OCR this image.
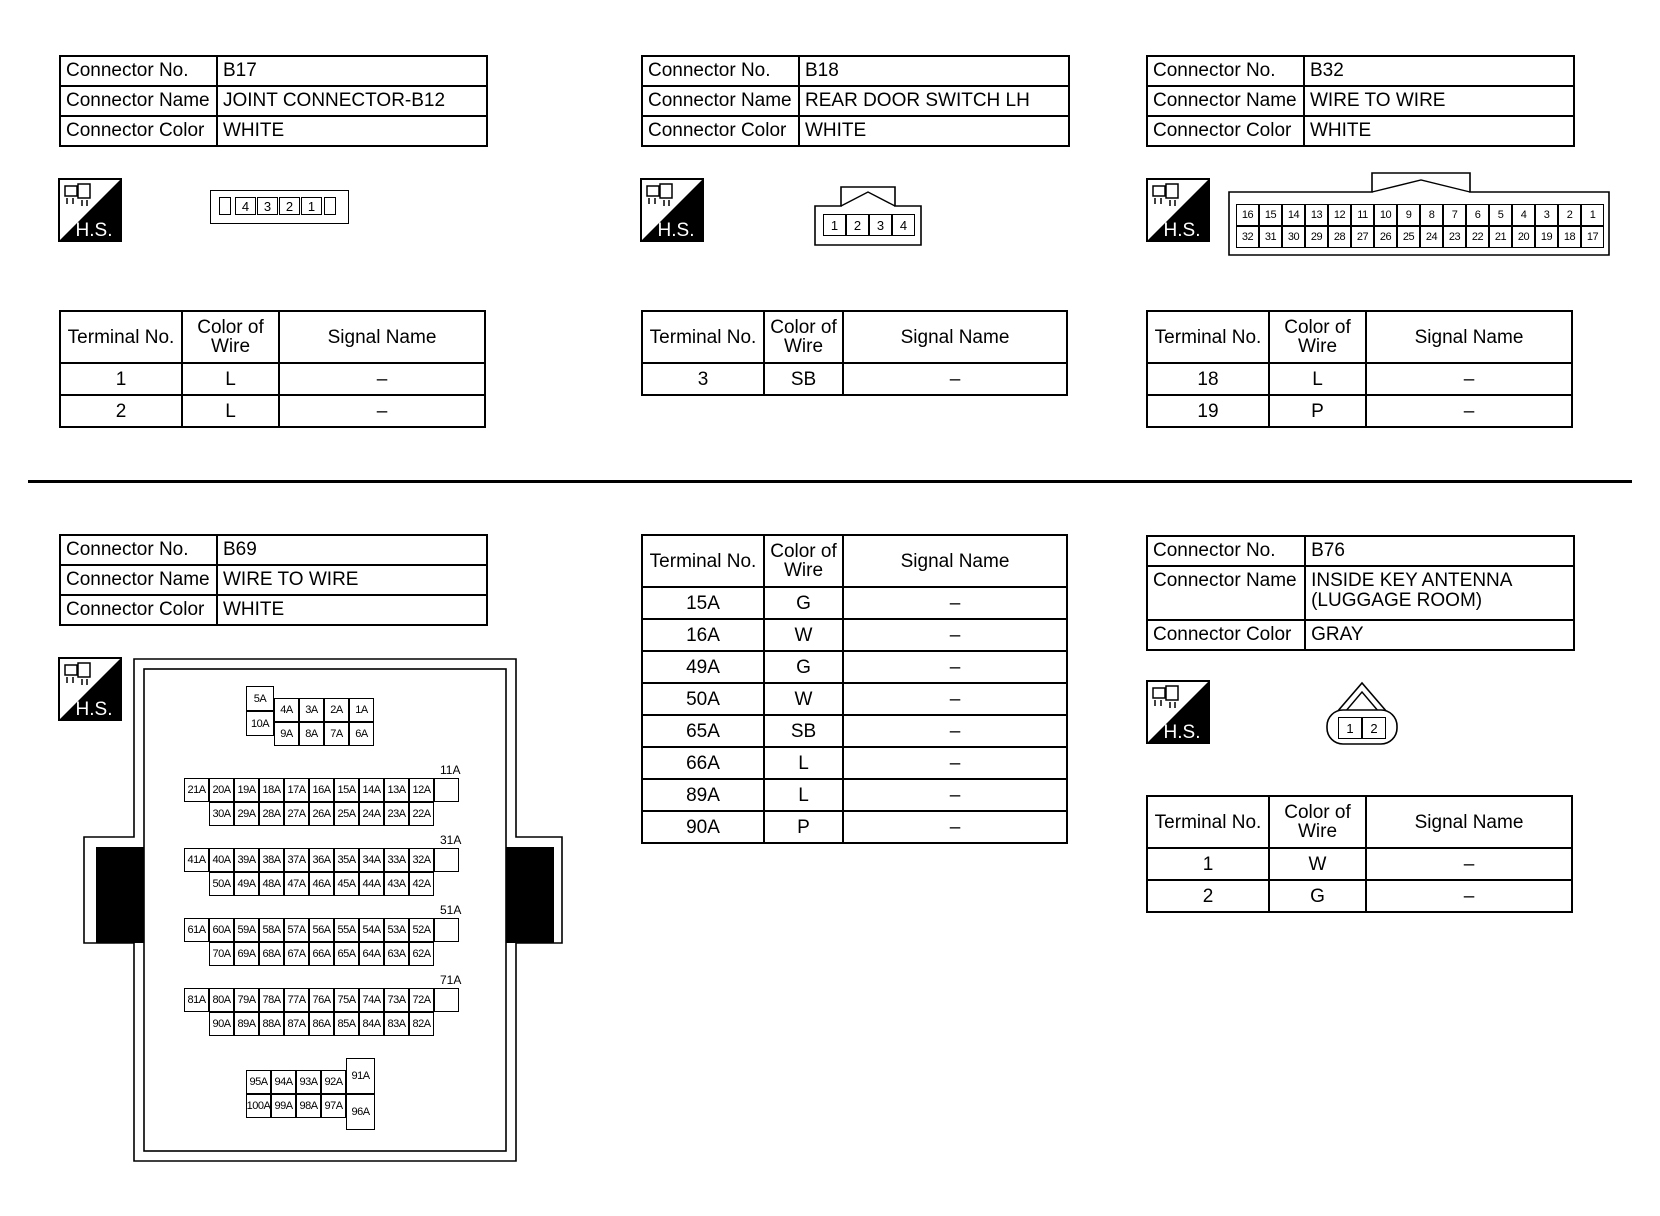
Connector No.	B17
Connector Name	JOINT CONNECTOR-B12
Connector Color	WHITE
H.S.
4	3	2	1
Terminal No.	Color of Wire	Signal Name
1	L	–
2	L	–
Connector No.	B18
Connector Name	REAR DOOR SWITCH LH
Connector Color	WHITE
H.S.	1	2	3	4
Terminal No.	Color of Wire	Signal Name
3	SB	–
Connector No.	B32
Connector Name	WIRE TO WIRE
Connector Color	WHITE
H.S.
16	15	14	13	12	11	10	9	8	7	6	5	4	3	2	1
32	31	30	29	28	27	26	25	24	23	22	21	20	19	18	17
Terminal No.	Color of Wire	Signal Name
18	L	–
19	P	–
Connector No.	B69
Connector Name	WIRE TO WIRE
Connector Color	WHITE
H.S.
5A
10A
4A	3A	2A	1A
9A	8A	7A	6A
11A
21A 20A 19A 18A 17A 16A 15A 14A 13A 12A
30A 29A 28A 27A 26A 25A 24A 23A 22A
31A
41A 40A 39A 38A 37A 36A 35A 34A 33A 32A
50A 49A 48A 47A 46A 45A 44A 43A 42A
51A
61A 60A 59A 58A 57A 56A 55A 54A 53A 52A
70A 69A 68A 67A 66A 65A 64A 63A 62A
71A
81A 80A 79A 78A 77A 76A 75A 74A 73A 72A
90A 89A 88A 87A 86A 85A 84A 83A 82A
95A 94A 93A 92A
100A 99A 98A 97A
91A
96A
Terminal No.	Color of Wire	Signal Name
15A	G	–
16A	W	–
49A	G	–
50A	W	–
65A	SB	–
66A	L	–
89A	L	–
90A	P	–
Connector No.	B76
Connector Name	INSIDE KEY ANTENNA (LUGGAGE ROOM)
Connector Color	GRAY
H.S.	1	2
Terminal No.	Color of Wire	Signal Name
1	W	–
2	G	–
